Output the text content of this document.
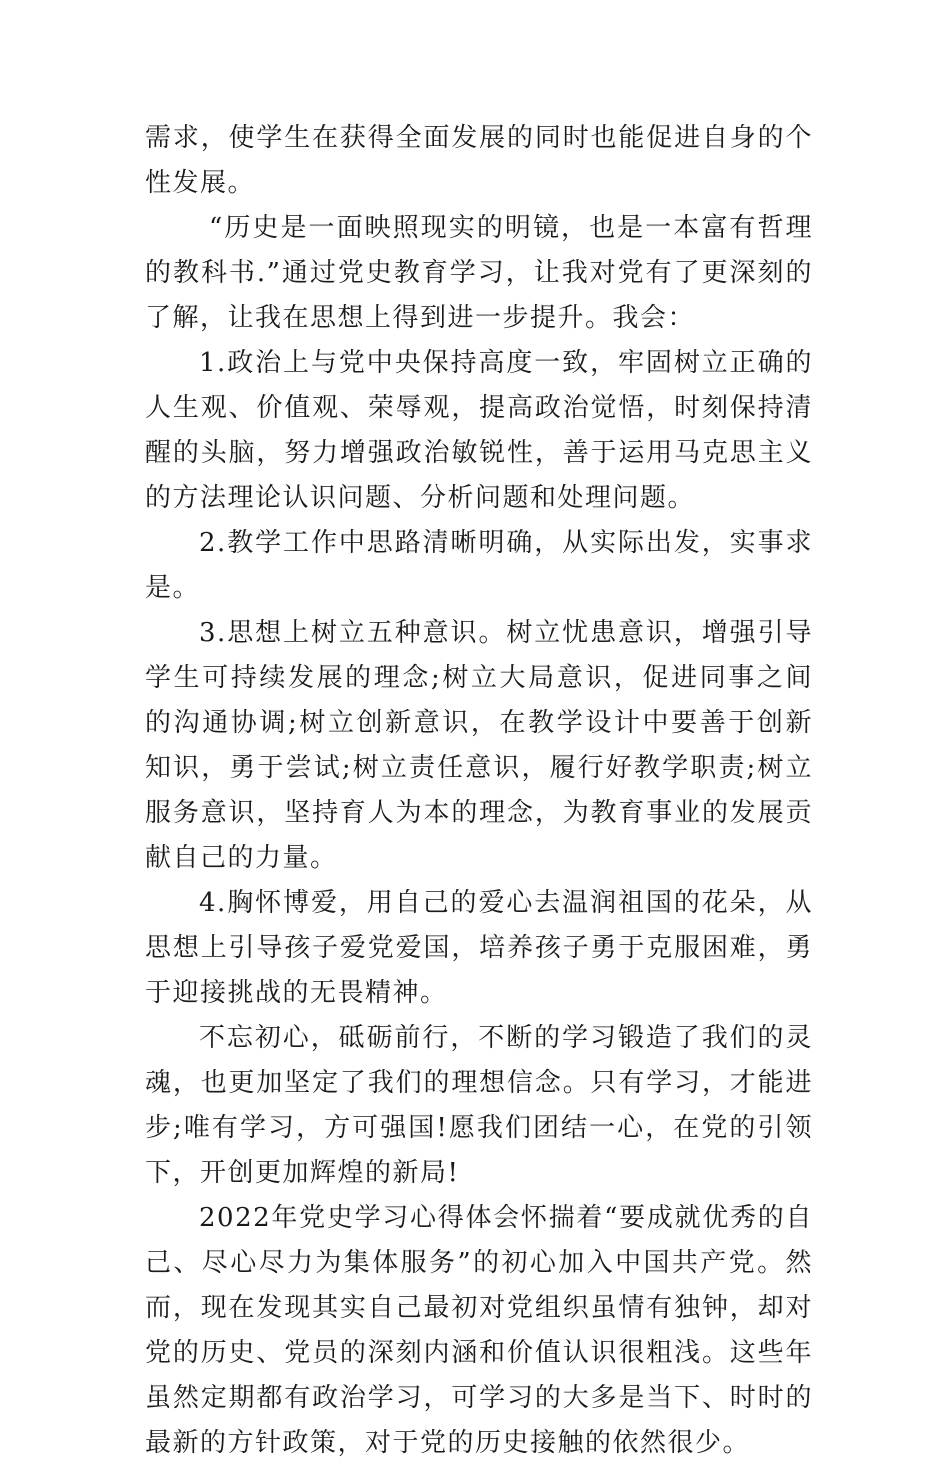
需求，使学生在获得全面发展的同时也能促进自身的个性发展。

“历史是一面映照现实的明镜，也是一本富有哲理的教科书.”通过党史教育学习，让我对党有了更深刻的了解，让我在思想上得到进一步提升。我会：

1.政治上与党中央保持高度一致，牢固树立正确的人生观、价值观、荣辱观，提高政治觉悟，时刻保持清醒的头脑，努力增强政治敏锐性，善于运用马克思主义的方法理论认识问题、分析问题和处理问题。

2.教学工作中思路清晰明确，从实际出发，实事求是。

3.思想上树立五种意识。树立忧患意识，增强引导学生可持续发展的理念;树立大局意识，促进同事之间的沟通协调;树立创新意识，在教学设计中要善于创新知识，勇于尝试;树立责任意识，履行好教学职责;树立服务意识，坚持育人为本的理念，为教育事业的发展贡献自己的力量。

4.胸怀博爱，用自己的爱心去温润祖国的花朵，从思想上引导孩子爱党爱国，培养孩子勇于克服困难，勇于迎接挑战的无畏精神。

不忘初心，砥砺前行，不断的学习锻造了我们的灵魂，也更加坚定了我们的理想信念。只有学习，才能进步;唯有学习，方可强国!愿我们团结一心，在党的引领下，开创更加辉煌的新局!

2022年党史学习心得体会怀揣着“要成就优秀的自己、尽心尽力为集体服务”的初心加入中国共产党。然而，现在发现其实自己最初对党组织虽情有独钟，却对党的历史、党员的深刻内涵和价值认识很粗浅。这些年虽然定期都有政治学习，可学习的大多是当下、时时的最新的方针政策，对于党的历史接触的依然很少。
